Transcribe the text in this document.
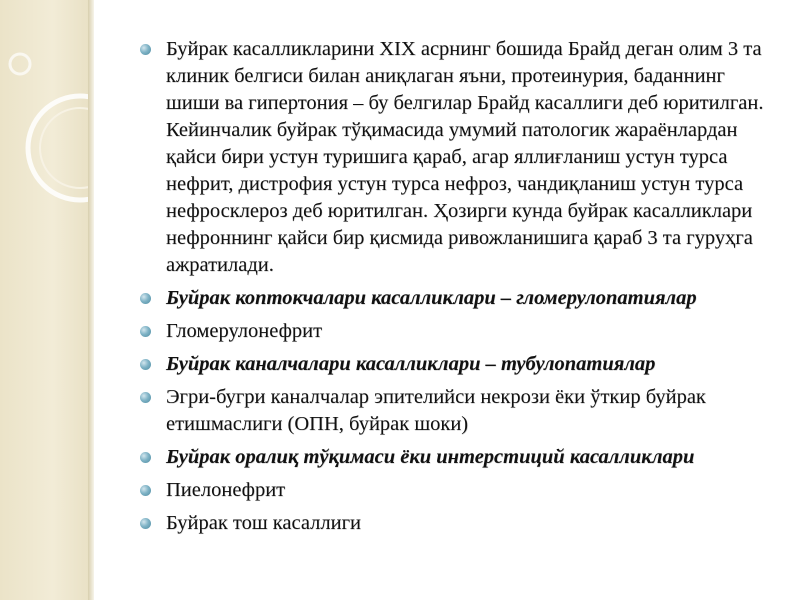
Буйрак касалликларини XIX асрнинг бошида Брайд деган олим 3 та клиник белгиси билан аниқлаган яъни, протеинурия, баданнинг шиши ва гипертония – бу белгилар Брайд касаллиги деб юритилган. Кейинчалик буйрак тўқимасида умумий патологик жараёнлардан қайси бири устун туришига қараб, агар яллиғланиш устун турса нефрит, дистрофия устун турса нефроз, чандиқланиш устун турса нефросклероз деб юритилган. Ҳозирги кунда буйрак касалликлари нефроннинг қайси бир қисмида ривожланишига қараб 3 та гуруҳга ажратилади.
Буйрак коптокчалари касалликлари – гломерулопатиялар
Гломерулонефрит
Буйрак каналчалари касалликлари – тубулопатиялар
Эгри-бугри каналчалар эпителийси некрози ёки ўткир буйрак етишмаслиги (ОПН, буйрак шоки)
Буйрак оралиқ тўқимаси ёки интерстиций касалликлари
Пиелонефрит
Буйрак тош касаллиги
